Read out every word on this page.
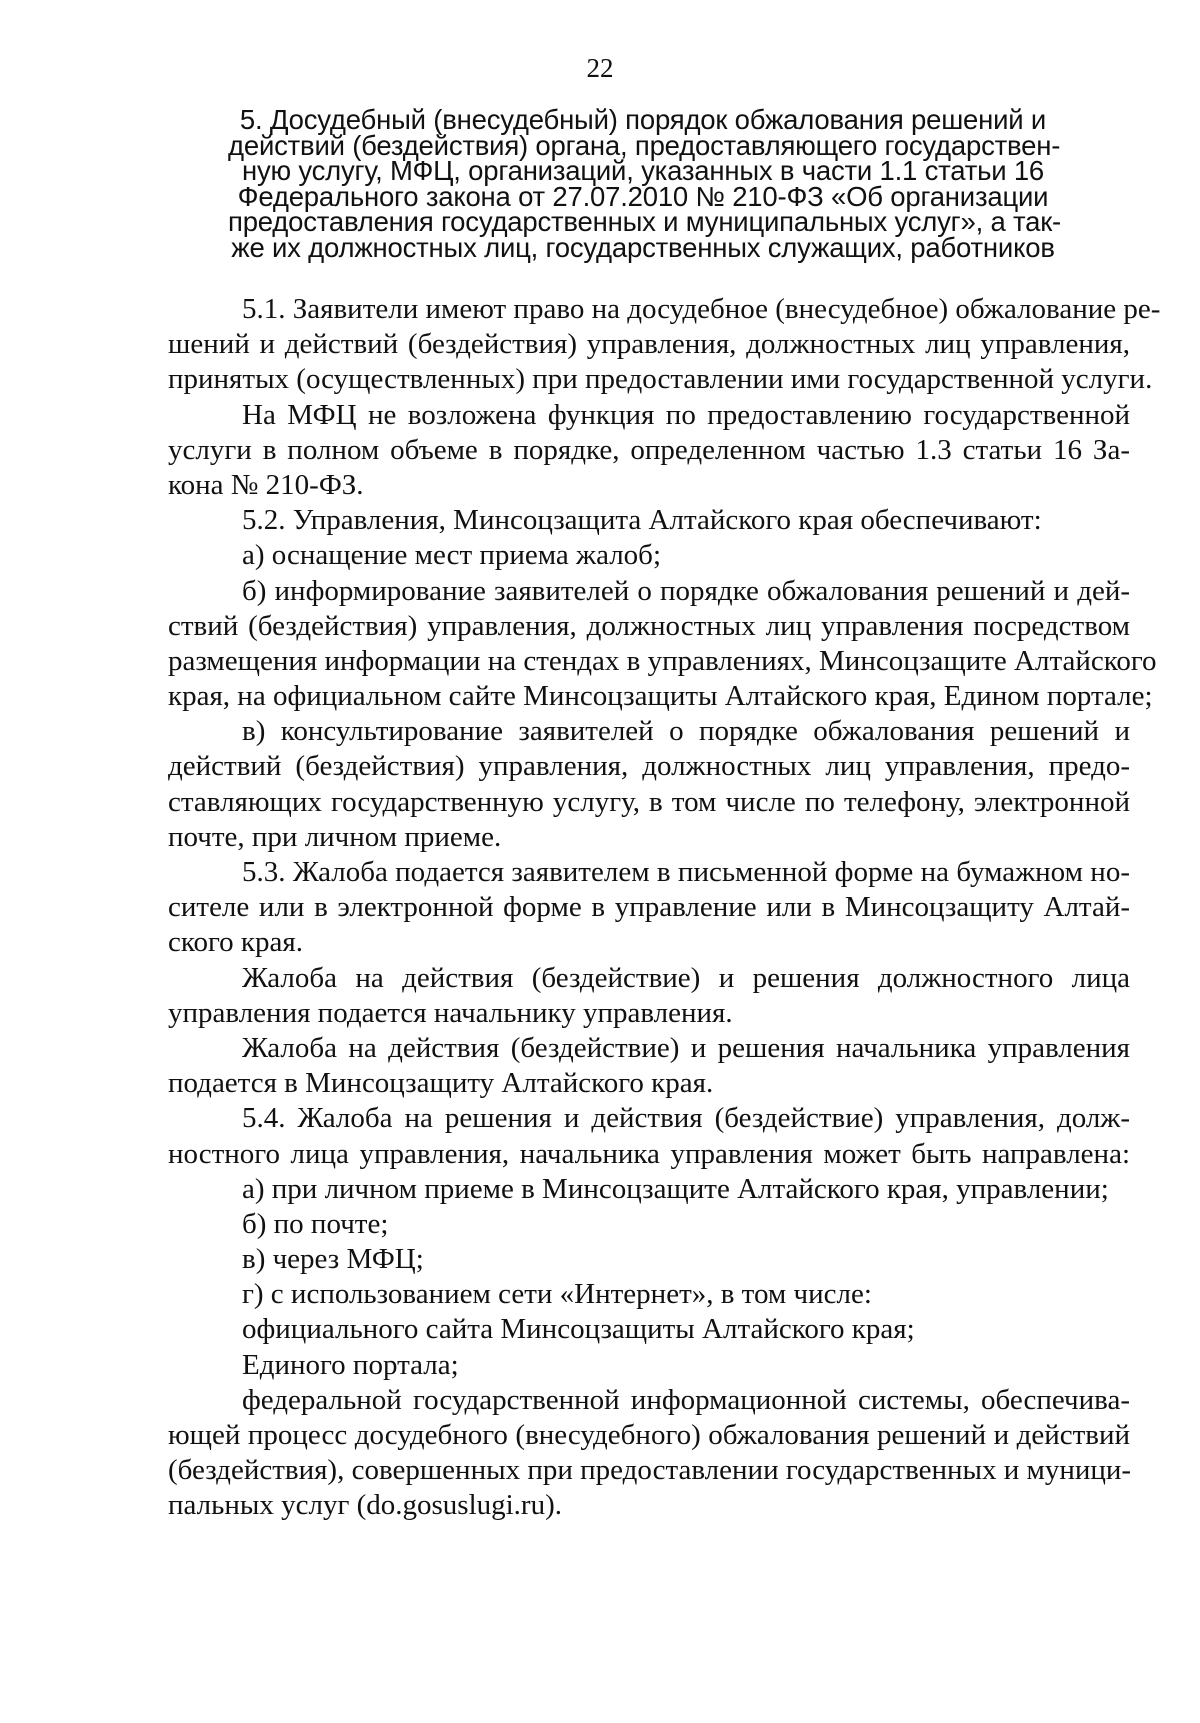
22
5. Досудебный (внесудебный) порядок обжалования решений и
действий (бездействия) органа, предоставляющего государствен-
ную услугу, МФЦ, организаций, указанных в части 1.1 статьи 16
Федерального закона от 27.07.2010 № 210-ФЗ «Об организации
предоставления государственных и муниципальных услуг», а так-
же их должностных лиц, государственных служащих, работников
5.1. Заявители имеют право на досудебное (внесудебное) обжалование ре-
шений и действий (бездействия) управления, должностных лиц управления,
принятых (осуществленных) при предоставлении ими государственной услуги.
На МФЦ не возложена функция по предоставлению государственной
услуги в полном объеме в порядке, определенном частью 1.3 статьи 16 За-
кона № 210-ФЗ.
5.2. Управления, Минсоцзащита Алтайского края обеспечивают:
а) оснащение мест приема жалоб;
б) информирование заявителей о порядке обжалования решений и дей-
ствий (бездействия) управления, должностных лиц управления посредством
размещения информации на стендах в управлениях, Минсоцзащите Алтайского
края, на официальном сайте Минсоцзащиты Алтайского края, Едином портале;
в) консультирование заявителей о порядке обжалования решений и
действий (бездействия) управления, должностных лиц управления, предо-
ставляющих государственную услугу, в том числе по телефону, электронной
почте, при личном приеме.
5.3. Жалоба подается заявителем в письменной форме на бумажном но-
сителе или в электронной форме в управление или в Минсоцзащиту Алтай-
ского края.
Жалоба на действия (бездействие) и решения должностного лица
управления подается начальнику управления.
Жалоба на действия (бездействие) и решения начальника управления
подается в Минсоцзащиту Алтайского края.
5.4. Жалоба на решения и действия (бездействие) управления, долж-
ностного лица управления, начальника управления может быть направлена:
а) при личном приеме в Минсоцзащите Алтайского края, управлении;
б) по почте;
в) через МФЦ;
г) с использованием сети «Интернет», в том числе:
официального сайта Минсоцзащиты Алтайского края;
Единого портала;
федеральной государственной информационной системы, обеспечива-
ющей процесс досудебного (внесудебного) обжалования решений и действий
(бездействия), совершенных при предоставлении государственных и муници-
пальных услуг (do.gosuslugi.ru).
